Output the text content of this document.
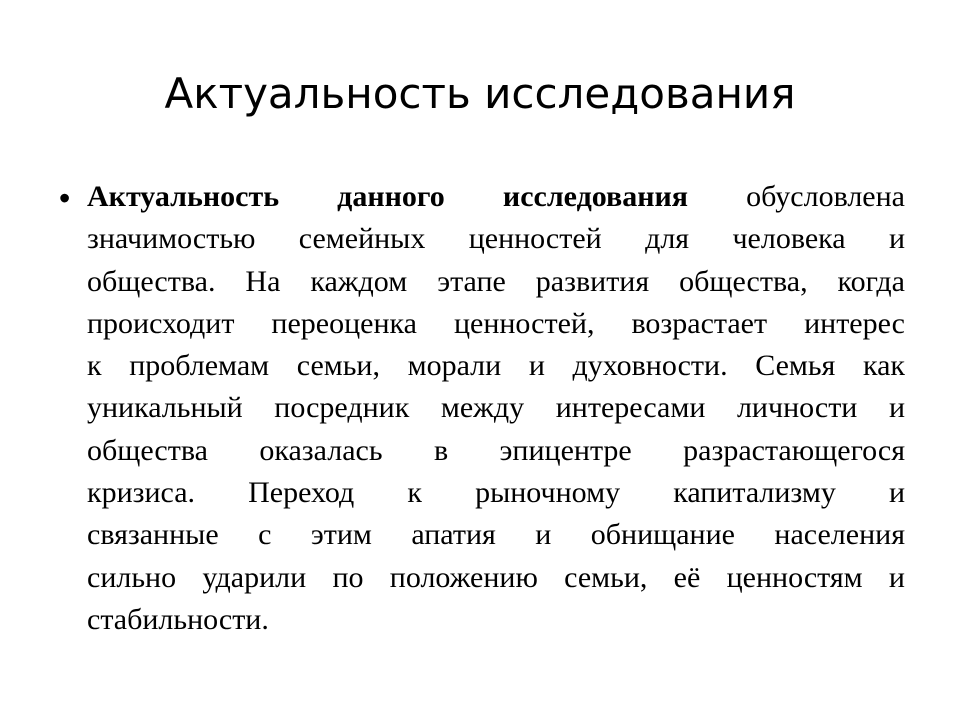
Актуальность исследования
• Актуальность данного исследования обусловлена
значимостью семейных ценностей для человека и
общества. На каждом этапе развития общества, когда
происходит переоценка ценностей, возрастает интерес
к проблемам семьи, морали и духовности. Семья как
уникальный посредник между интересами личности и
общества оказалась в эпицентре разрастающегося
кризиса. Переход к рыночному капитализму и
связанные с этим апатия и обнищание населения
сильно ударили по положению семьи, её ценностям и
стабильности.
